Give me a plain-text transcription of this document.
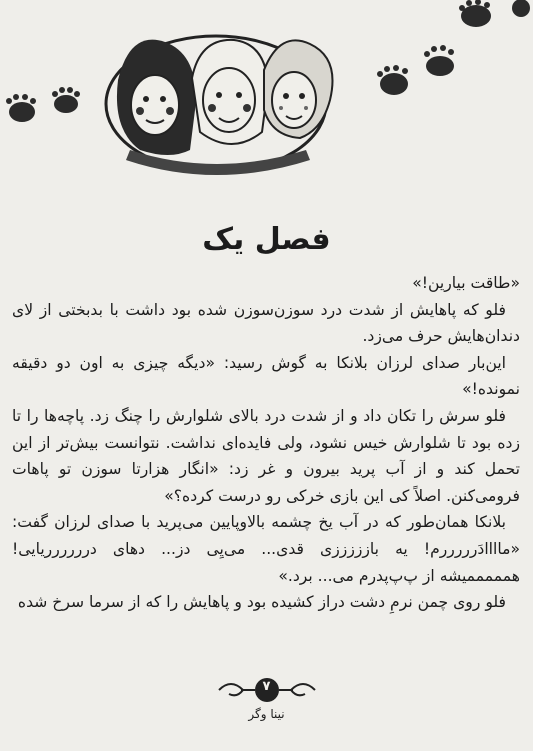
فصل یک

«طاقت بیارین!»

فلو که پاهایش از شدت درد سوزن‌سوزن شده بود داشت با بدبختی از لای دندان‌هایش حرف می‌زد.

این‌بار صدای لرزان بلانکا به گوش رسید: «دیگه چیزی به اون دو دقیقه نمونده!»

فلو سرش را تکان داد و از شدت درد بالای شلوارش را چنگ زد. پاچه‌ها را تا زده بود تا شلوارش خیس نشود، ولی فایده‌ای نداشت. نتوانست بیش‌تر از این تحمل کند و از آب پرید بیرون و غر زد: «انگار هزارتا سوزن تو پاهات فرومی‌کنن. اصلاً کی این بازی خرکی رو درست کرده؟»

بلانکا همان‌طور که در آب یخ چشمه بالاوپایین می‌پرید با صدای لرزان گفت: «ماااادَرررررم! یه بازززززی قدی... می‌یِی دز... دهای درررررریایی! همممممیشه از پ‌پ‌پدرم می... برد.»

فلو روی چمن نرمِ دشت دراز کشیده بود و پاهایش را که از سرما سرخ شده

۷
نینا وگر
